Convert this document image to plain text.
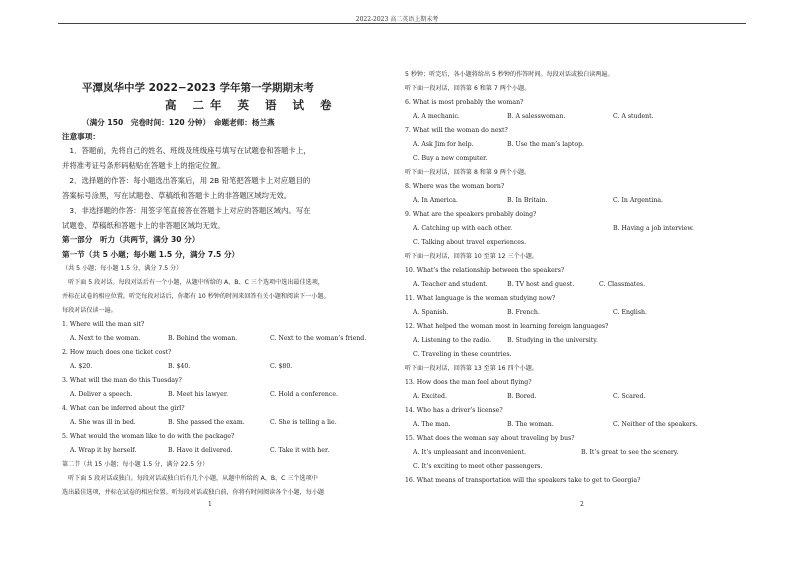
2022-2023 高二英语上期末考
平潭岚华中学 2022−2023 学年第一学期期末考
高 二年 英 语 试 卷
（满分 150　完卷时间：120 分钟）　命题老师：杨兰燕
注意事项：
　1．答题前，先将自己的姓名、班级及班级座号填写在试题卷和答题卡上，
并将准考证号条形码粘贴在答题卡上的指定位置。
　2．选择题的作答：每小题选出答案后，用 2B 铅笔把答题卡上对应题目的
答案标号涂黑，写在试题卷、草稿纸和答题卡上的非答题区域均无效。
　3．非选择题的作答：用签字笔直接答在答题卡上对应的答题区域内。写在
试题卷、草稿纸和答题卡上的非答题区域均无效。
第一部分　听力（共两节，满分 30 分）
第一节（共 5 小题；每小题 1.5 分，满分 7.5 分）
（共 5 小题；每小题 1.5 分，满分 7.5 分）
　听下面 5 段对话。每段对话后有一个小题，从题中所给的 A、B、C 三个选项中选出最佳选项，
并标在试卷的相应位置。听完每段对话后，你都有 10 秒钟的时间来回答有关小题和阅读下一小题。
每段对话仅读一遍。
1. Where will the man sit?
A. Next to the woman.	B. Behind the woman.	C. Next to the woman’s friend.
2. How much does one ticket cost?
A. $20.	B. $40.	C. $80.
3. What will the man do this Tuesday?
A. Deliver a speech.	B. Meet his lawyer.	C. Hold a conference.
4. What can be inferred about the girl?
A. She was ill in bed.	B. She passed the exam.	C. She is telling a lie.
5. What would the woman like to do with the package?
A. Wrap it by herself.	B. Have it delivered.	C. Take it with her.
第二节（共 15 小题；每小题 1.5 分，满分 22.5 分）
　听下面 5 段对话或独白。每段对话或独白后有几个小题，从题中所给的 A、B、C 三个选项中
选出最佳选项，并标在试卷的相应位置。听每段对话或独白前，你将有时间阅读各个小题，每小题
1
5 秒钟；听完后，各小题将给出 5 秒钟的作答时间。每段对话或独白读两遍。
听下面一段对话，回答第 6 和第 7 两个小题。
6. What is most probably the woman?
A. A mechanic.	B. A salesswoman.	C. A student.
7. What will the woman do next?
A. Ask Jim for help.	B. Use the man’s laptop.
C. Buy a new computer.
听下面一段对话，回答第 8 和第 9 两个小题。
8. Where was the woman born?
A. In America.	B. In Britain.	C. In Argentina.
9. What are the speakers probably doing?
A. Catching up with each other.	B. Having a job interview.
C. Talking about travel experiences.
听下面一段对话，回答第 10 至第 12 三个小题。
10. What’s the relationship between the speakers?
A. Teacher and student.	B. TV host and guest.	C. Classmates.
11. What language is the woman studying now?
A. Spanish.	B. French.	C. English.
12. What helped the woman most in learning foreign languages?
A. Listening to the radio.	B. Studying in the university.
C. Traveling in these countries.
听下面一段对话，回答第 13 至第 16 四个小题。
13. How does the man feel about flying?
A. Excited.	B. Bored.	C. Scared.
14. Who has a driver’s license?
A. The man.	B. The woman.	C. Neither of the speakers.
15. What does the woman say about traveling by bus?
A. It’s unpleasant and inconvenient.	B. It’s great to see the scenery.
C. It’s exciting to meet other passengers.
16. What means of transportation will the speakers take to get to Georgia?
2
